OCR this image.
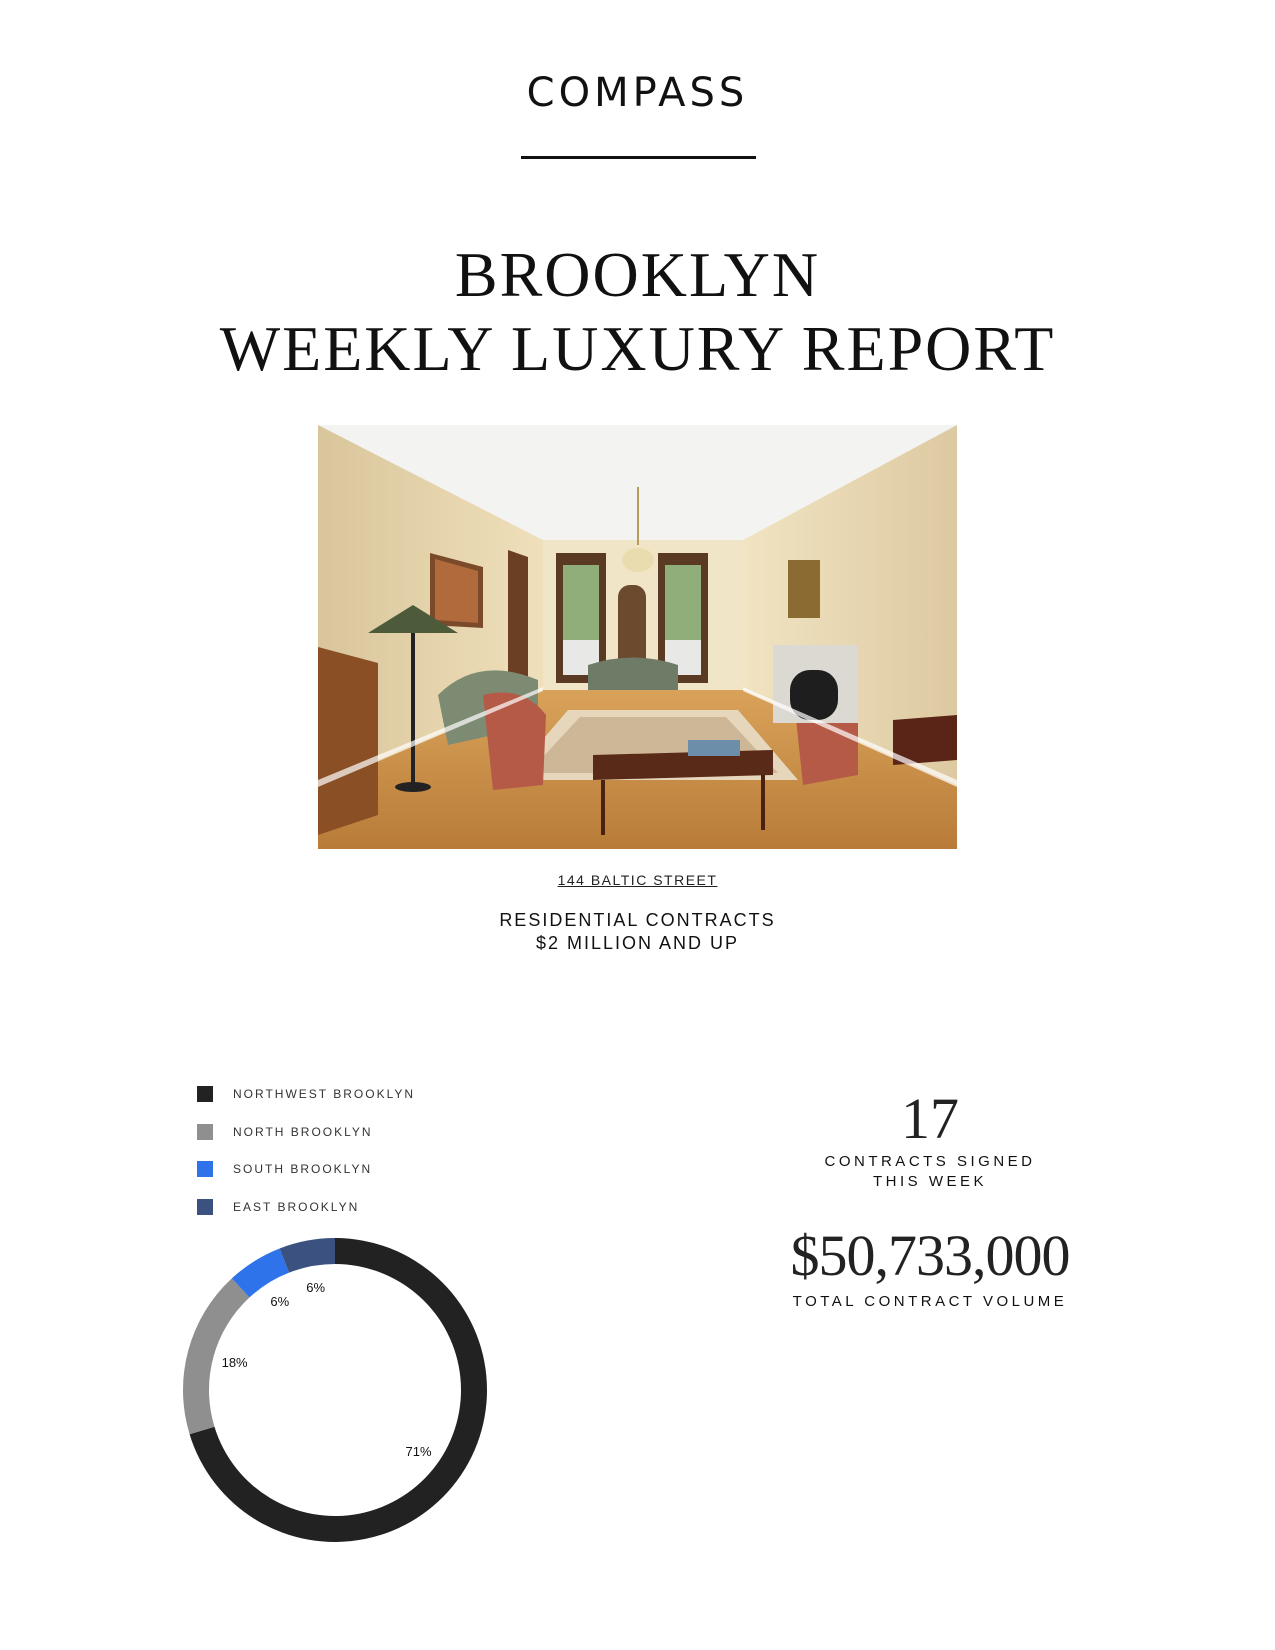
COMPASS
BROOKLYN
WEEKLY LUXURY REPORT
144 BALTIC STREET
RESIDENTIAL CONTRACTS
$2 MILLION AND UP
NORTHWEST BROOKLYN
NORTH BROOKLYN
SOUTH BROOKLYN
EAST BROOKLYN
71%
18%
6%
6%
17
CONTRACTS SIGNED
THIS WEEK
$50,733,000
TOTAL CONTRACT VOLUME
